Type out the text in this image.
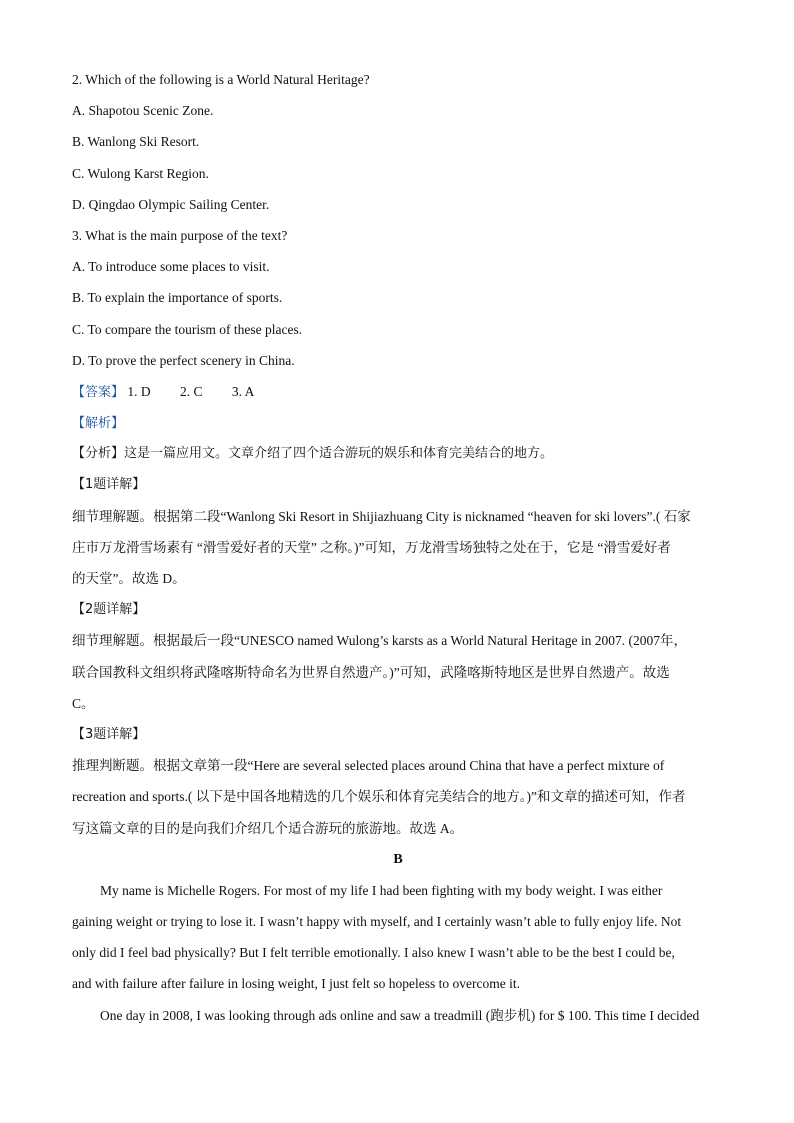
2. Which of the following is a World Natural Heritage?
A. Shapotou Scenic Zone.
B. Wanlong Ski Resort.
C. Wulong Karst Region.
D. Qingdao Olympic Sailing Center.
3. What is the main purpose of the text?
A. To introduce some places to visit.
B. To explain the importance of sports.
C. To compare the tourism of these places.
D. To prove the perfect scenery in China.
【答案】 1. D 2. C 3. A
【解析】
【分析】这是一篇应用文。文章介绍了四个适合游玩的娱乐和体育完美结合的地方。
【1题详解】
细节理解题。根据第二段“Wanlong Ski Resort in Shijiazhuang City is nicknamed “heaven for ski lovers”.( 石家
庄市万龙滑雪场素有 “滑雪爱好者的天堂” 之称。)”可知，万龙滑雪场独特之处在于，它是 “滑雪爱好者
的天堂”。故选 D。
【2题详解】
细节理解题。根据最后一段“UNESCO named Wulong’s karsts as a World Natural Heritage in 2007. (2007年，
联合国教科文组织将武隆喀斯特命名为世界自然遗产。)”可知，武隆喀斯特地区是世界自然遗产。故选
C。
【3题详解】
推理判断题。根据文章第一段“Here are several selected places around China that have a perfect mixture of
recreation and sports.( 以下是中国各地精选的几个娱乐和体育完美结合的地方。)”和文章的描述可知，作者
写这篇文章的目的是向我们介绍几个适合游玩的旅游地。故选 A。
B
My name is Michelle Rogers. For most of my life I had been fighting with my body weight. I was either
gaining weight or trying to lose it. I wasn’t happy with myself, and I certainly wasn’t able to fully enjoy life. Not
only did I feel bad physically? But I felt terrible emotionally. I also knew I wasn’t able to be the best I could be,
and with failure after failure in losing weight, I just felt so hopeless to overcome it.
One day in 2008, I was looking through ads online and saw a treadmill (跑步机) for $ 100. This time I decided
